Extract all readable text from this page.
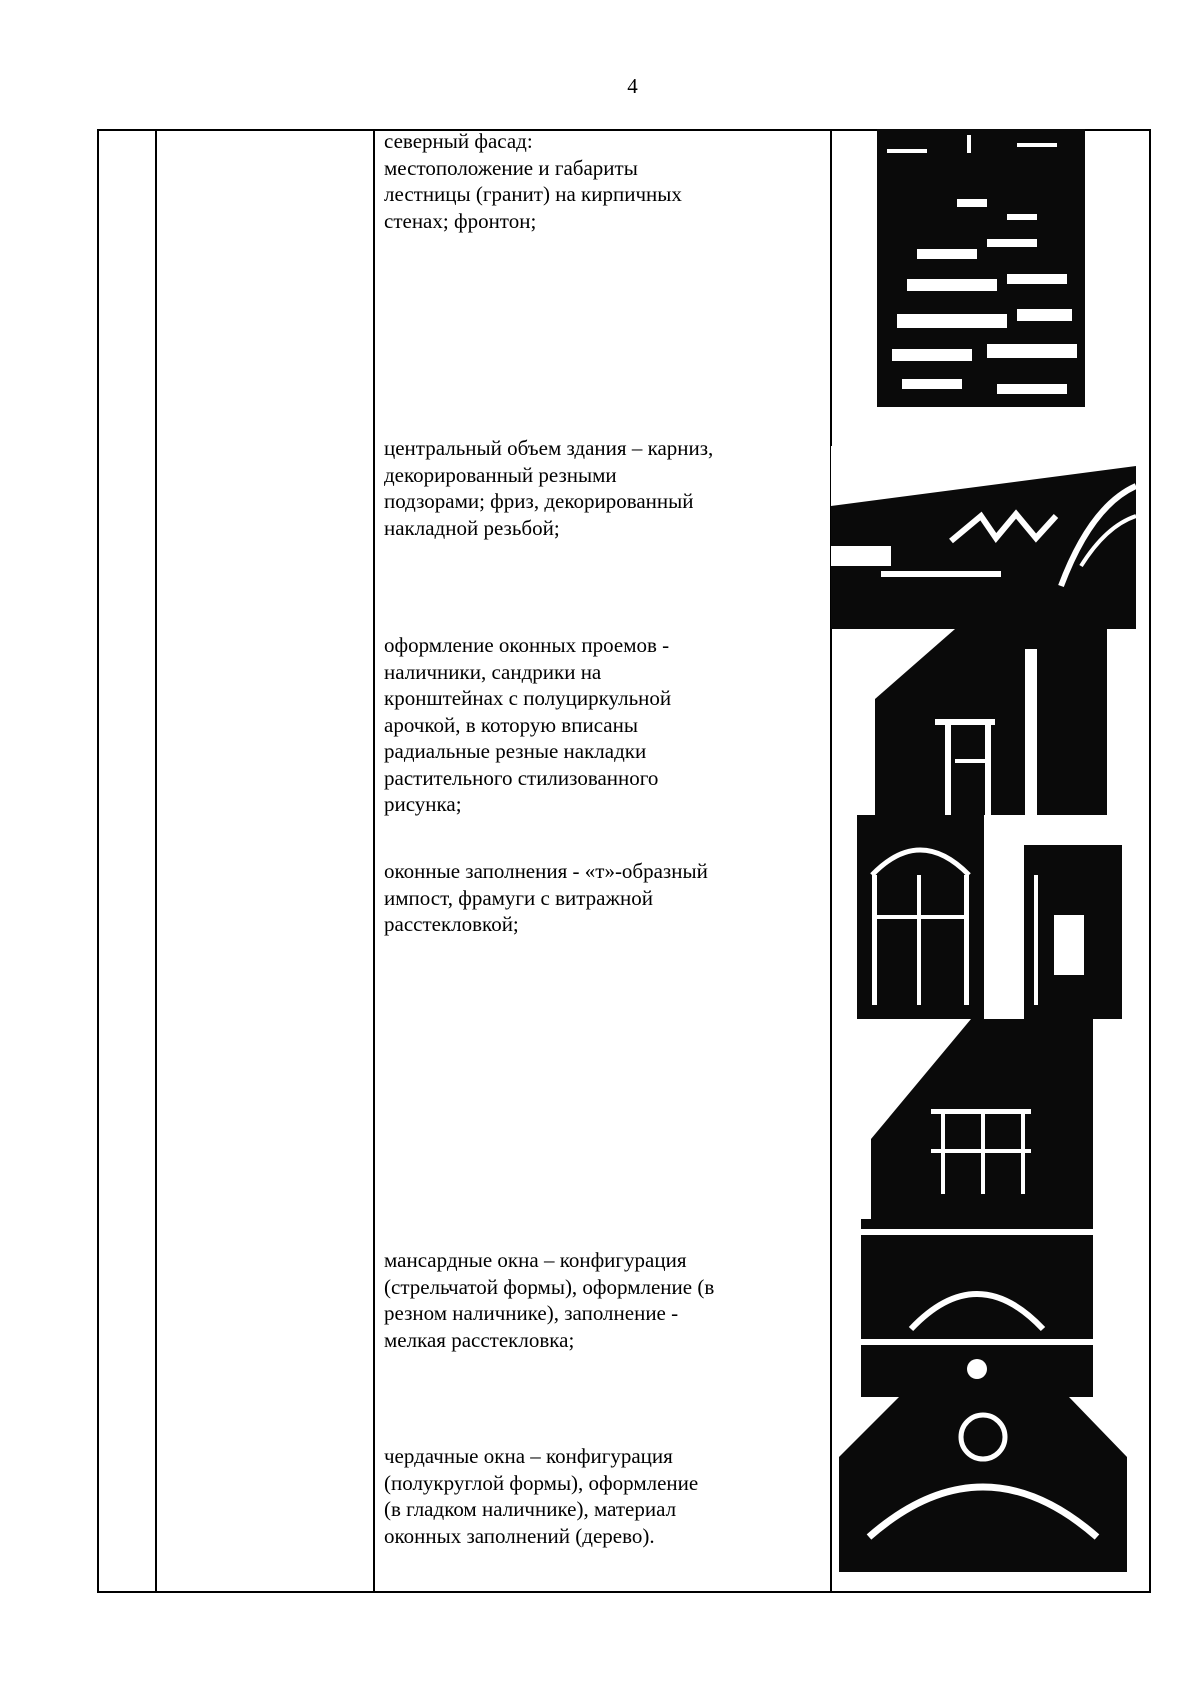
4
северный фасад:
местоположение и габариты
лестницы (гранит) на кирпичных
стенах; фронтон;
центральный объем здания – карниз,
декорированный резными
подзорами; фриз, декорированный
накладной резьбой;
оформление оконных проемов -
наличники, сандрики на
кронштейнах с полуциркульной
арочкой, в которую вписаны
радиальные резные накладки
растительного стилизованного
рисунка;
оконные заполнения - «т»-образный
импост, фрамуги с витражной
расстекловкой;
мансардные окна – конфигурация
(стрельчатой формы), оформление (в
резном наличнике), заполнение -
мелкая расстекловка;
чердачные окна – конфигурация
(полукруглой формы), оформление
(в гладком наличнике), материал
оконных заполнений (дерево).
